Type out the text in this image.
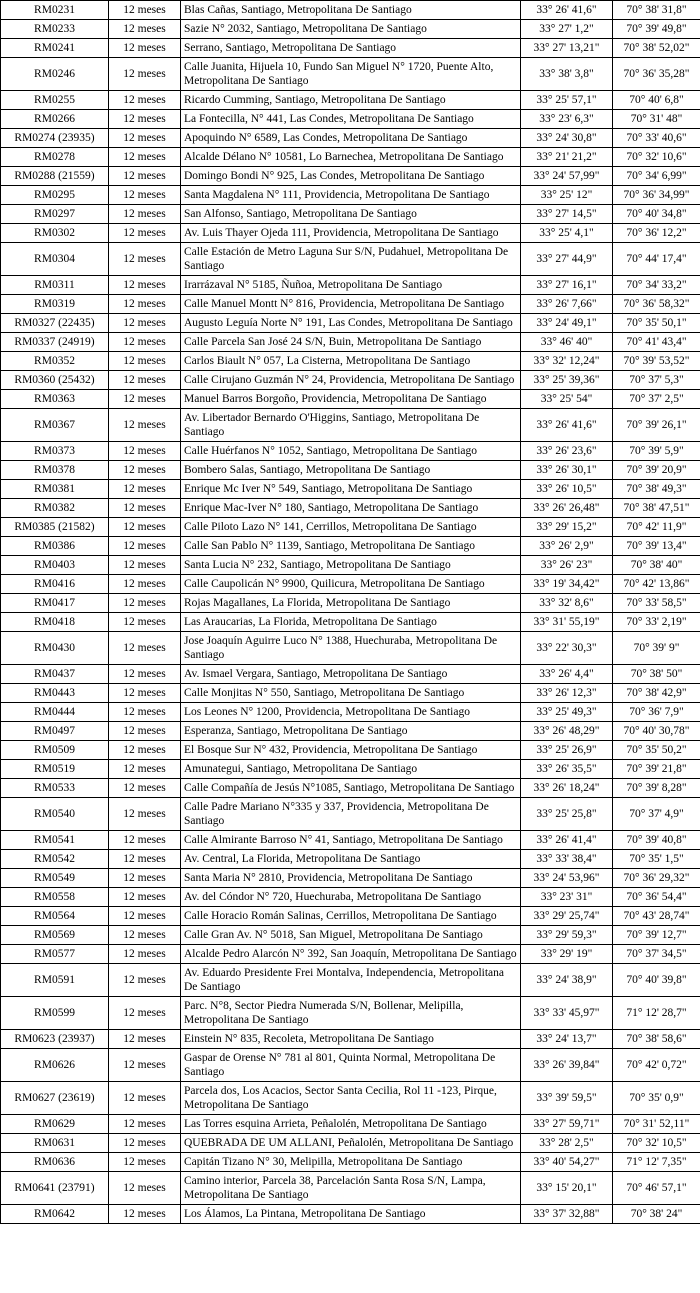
RM0231	12 meses	Blas Cañas, Santiago, Metropolitana De Santiago	33° 26' 41,6"	70° 38' 31,8"
RM0233	12 meses	Sazie N° 2032, Santiago, Metropolitana De Santiago	33° 27' 1,2"	70° 39' 49,8"
RM0241	12 meses	Serrano, Santiago, Metropolitana De Santiago	33° 27' 13,21"	70° 38' 52,02"
RM0246	12 meses	Calle Juanita, Hijuela 10, Fundo San Miguel N° 1720, Puente Alto, Metropolitana De Santiago	33° 38' 3,8"	70° 36' 35,28"
RM0255	12 meses	Ricardo Cumming, Santiago, Metropolitana De Santiago	33° 25' 57,1"	70° 40' 6,8"
RM0266	12 meses	La Fontecilla, N° 441, Las Condes, Metropolitana De Santiago	33° 23' 6,3"	70° 31' 48"
RM0274 (23935)	12 meses	Apoquindo N° 6589, Las Condes, Metropolitana De Santiago	33° 24' 30,8"	70° 33' 40,6"
RM0278	12 meses	Alcalde Délano N° 10581, Lo Barnechea, Metropolitana De Santiago	33° 21' 21,2"	70° 32' 10,6"
RM0288 (21559)	12 meses	Domingo Bondi N° 925, Las Condes, Metropolitana De Santiago	33° 24' 57,99"	70° 34' 6,99"
RM0295	12 meses	Santa Magdalena N° 111, Providencia, Metropolitana De Santiago	33° 25' 12"	70° 36' 34,99"
RM0297	12 meses	San Alfonso, Santiago, Metropolitana De Santiago	33° 27' 14,5"	70° 40' 34,8"
RM0302	12 meses	Av. Luis Thayer Ojeda 111, Providencia, Metropolitana De Santiago	33° 25' 4,1"	70° 36' 12,2"
RM0304	12 meses	Calle Estación de Metro Laguna Sur S/N, Pudahuel, Metropolitana De Santiago	33° 27' 44,9"	70° 44' 17,4"
RM0311	12 meses	Irarrázaval N° 5185, Ñuñoa, Metropolitana De Santiago	33° 27' 16,1"	70° 34' 33,2"
RM0319	12 meses	Calle Manuel Montt N° 816, Providencia, Metropolitana De Santiago	33° 26' 7,66"	70° 36' 58,32"
RM0327 (22435)	12 meses	Augusto Leguía Norte N° 191, Las Condes, Metropolitana De Santiago	33° 24' 49,1"	70° 35' 50,1"
RM0337 (24919)	12 meses	Calle Parcela San José 24 S/N, Buin, Metropolitana De Santiago	33° 46' 40"	70° 41' 43,4"
RM0352	12 meses	Carlos Biault N° 057, La Cisterna, Metropolitana De Santiago	33° 32' 12,24"	70° 39' 53,52"
RM0360 (25432)	12 meses	Calle Cirujano Guzmán N° 24, Providencia, Metropolitana De Santiago	33° 25' 39,36"	70° 37' 5,3"
RM0363	12 meses	Manuel Barros Borgoño, Providencia, Metropolitana De Santiago	33° 25' 54"	70° 37' 2,5"
RM0367	12 meses	Av. Libertador Bernardo O'Higgins, Santiago, Metropolitana De Santiago	33° 26' 41,6"	70° 39' 26,1"
RM0373	12 meses	Calle Huérfanos N° 1052, Santiago, Metropolitana De Santiago	33° 26' 23,6"	70° 39' 5,9"
RM0378	12 meses	Bombero Salas, Santiago, Metropolitana De Santiago	33° 26' 30,1"	70° 39' 20,9"
RM0381	12 meses	Enrique Mc Iver N° 549, Santiago, Metropolitana De Santiago	33° 26' 10,5"	70° 38' 49,3"
RM0382	12 meses	Enrique Mac-Iver N° 180, Santiago, Metropolitana De Santiago	33° 26' 26,48"	70° 38' 47,51"
RM0385 (21582)	12 meses	Calle Piloto Lazo N° 141, Cerrillos, Metropolitana De Santiago	33° 29' 15,2"	70° 42' 11,9"
RM0386	12 meses	Calle San Pablo N° 1139, Santiago, Metropolitana De Santiago	33° 26' 2,9"	70° 39' 13,4"
RM0403	12 meses	Santa Lucia N° 232, Santiago, Metropolitana De Santiago	33° 26' 23"	70° 38' 40"
RM0416	12 meses	Calle Caupolicán N° 9900, Quilicura, Metropolitana De Santiago	33° 19' 34,42"	70° 42' 13,86"
RM0417	12 meses	Rojas Magallanes, La Florida, Metropolitana De Santiago	33° 32' 8,6"	70° 33' 58,5"
RM0418	12 meses	Las Araucarias, La Florida, Metropolitana De Santiago	33° 31' 55,19"	70° 33' 2,19"
RM0430	12 meses	Jose Joaquín Aguirre Luco N° 1388, Huechuraba, Metropolitana De Santiago	33° 22' 30,3"	70° 39' 9"
RM0437	12 meses	Av. Ismael Vergara, Santiago, Metropolitana De Santiago	33° 26' 4,4"	70° 38' 50"
RM0443	12 meses	Calle Monjitas N° 550, Santiago, Metropolitana De Santiago	33° 26' 12,3"	70° 38' 42,9"
RM0444	12 meses	Los Leones N° 1200, Providencia, Metropolitana De Santiago	33° 25' 49,3"	70° 36' 7,9"
RM0497	12 meses	Esperanza, Santiago, Metropolitana De Santiago	33° 26' 48,29"	70° 40' 30,78"
RM0509	12 meses	El Bosque Sur N° 432, Providencia, Metropolitana De Santiago	33° 25' 26,9"	70° 35' 50,2"
RM0519	12 meses	Amunategui, Santiago, Metropolitana De Santiago	33° 26' 35,5"	70° 39' 21,8"
RM0533	12 meses	Calle Compañía de Jesús N°1085, Santiago, Metropolitana De Santiago	33° 26' 18,24"	70° 39' 8,28"
RM0540	12 meses	Calle Padre Mariano N°335 y 337, Providencia, Metropolitana De Santiago	33° 25' 25,8"	70° 37' 4,9"
RM0541	12 meses	Calle Almirante Barroso N° 41, Santiago, Metropolitana De Santiago	33° 26' 41,4"	70° 39' 40,8"
RM0542	12 meses	Av. Central, La Florida, Metropolitana De Santiago	33° 33' 38,4"	70° 35' 1,5"
RM0549	12 meses	Santa Maria N° 2810, Providencia, Metropolitana De Santiago	33° 24' 53,96"	70° 36' 29,32"
RM0558	12 meses	Av. del Cóndor N° 720, Huechuraba, Metropolitana De Santiago	33° 23' 31"	70° 36' 54,4"
RM0564	12 meses	Calle Horacio Román Salinas, Cerrillos, Metropolitana De Santiago	33° 29' 25,74"	70° 43' 28,74"
RM0569	12 meses	Calle Gran Av. N° 5018, San Miguel, Metropolitana De Santiago	33° 29' 59,3"	70° 39' 12,7"
RM0577	12 meses	Alcalde Pedro Alarcón N° 392, San Joaquín, Metropolitana De Santiago	33° 29' 19"	70° 37' 34,5"
RM0591	12 meses	Av. Eduardo Presidente Frei Montalva, Independencia, Metropolitana De Santiago	33° 24' 38,9"	70° 40' 39,8"
RM0599	12 meses	Parc. N°8, Sector Piedra Numerada S/N, Bollenar, Melipilla, Metropolitana De Santiago	33° 33' 45,97"	71° 12' 28,7"
RM0623 (23937)	12 meses	Einstein N° 835, Recoleta, Metropolitana De Santiago	33° 24' 13,7"	70° 38' 58,6"
RM0626	12 meses	Gaspar de Orense N° 781 al 801, Quinta Normal, Metropolitana De Santiago	33° 26' 39,84"	70° 42' 0,72"
RM0627 (23619)	12 meses	Parcela dos, Los Acacios, Sector Santa Cecilia, Rol 11 -123, Pirque, Metropolitana De Santiago	33° 39' 59,5"	70° 35' 0,9"
RM0629	12 meses	Las Torres esquina Arrieta, Peñalolén, Metropolitana De Santiago	33° 27' 59,71"	70° 31' 52,11"
RM0631	12 meses	QUEBRADA DE UM ALLANI, Peñalolén, Metropolitana De Santiago	33° 28' 2,5"	70° 32' 10,5"
RM0636	12 meses	Capitán Tizano N° 30, Melipilla, Metropolitana De Santiago	33° 40' 54,27"	71° 12' 7,35"
RM0641 (23791)	12 meses	Camino interior, Parcela 38, Parcelación Santa Rosa S/N, Lampa, Metropolitana De Santiago	33° 15' 20,1"	70° 46' 57,1"
RM0642	12 meses	Los Álamos, La Pintana, Metropolitana De Santiago	33° 37' 32,88"	70° 38' 24"
